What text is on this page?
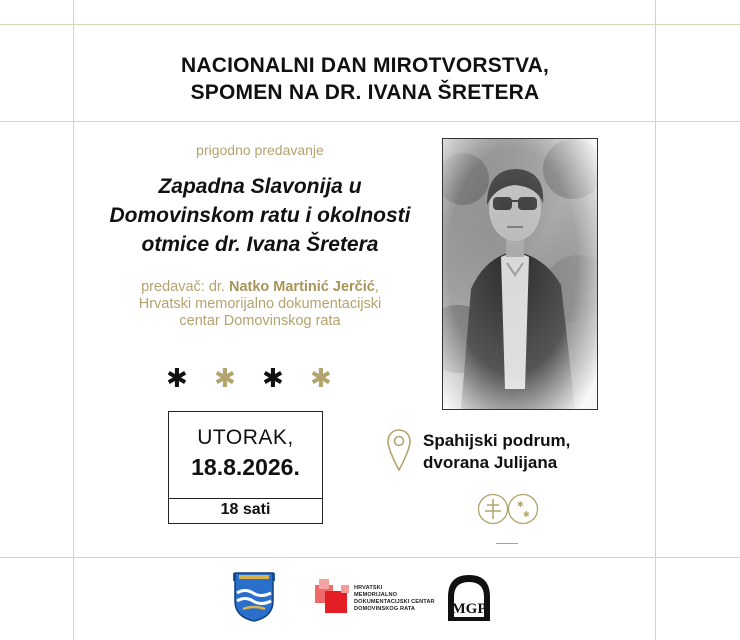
NACIONALNI DAN MIROTVORSTVA,
SPOMEN NA DR. IVANA ŠRETERA
prigodno predavanje
Zapadna Slavonija u
Domovinskom ratu i okolnosti
otmice dr. Ivana Šretera
predavač: dr. Natko Martinić Jerčić,
Hrvatski memorijalno dokumentacijski
centar Domovinskog rata
✱ ✱ ✱ ✱
UTORAK,
18.8.2026.
18 sati
Spahijski podrum,
dvorana Julijana
✱
✱
HRVATSKI
MEMORIJALNO
DOKUMENTACIJSKI CENTAR
DOMOVINSKOG RATA	MGP
